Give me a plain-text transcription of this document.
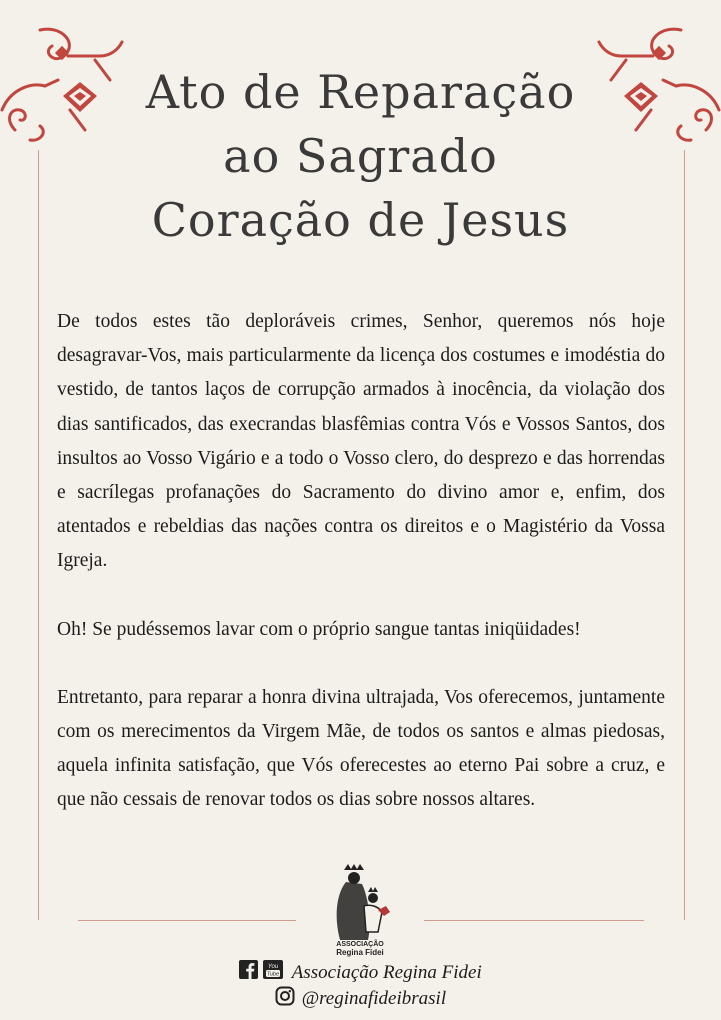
Ato de Reparação
ao Sagrado
Coração de Jesus

De todos estes tão deploráveis crimes, Senhor, queremos nós hoje desagravar-Vos, mais particularmente da licença dos costumes e imodéstia do vestido, de tantos laços de corrupção armados à inocência, da violação dos dias santificados, das execrandas blasfêmias contra Vós e Vossos Santos, dos insultos ao Vosso Vigário e a todo o Vosso clero, do desprezo e das horrendas e sacrílegas profanações do Sacramento do divino amor e, enfim, dos atentados e rebeldias das nações contra os direitos e o Magistério da Vossa Igreja.

Oh! Se pudéssemos lavar com o próprio sangue tantas iniqüidades!

Entretanto, para reparar a honra divina ultrajada, Vos oferecemos, juntamente com os merecimentos da Virgem Mãe, de todos os santos e almas piedosas, aquela infinita satisfação, que Vós oferecestes ao eterno Pai sobre a cruz, e que não cessais de renovar todos os dias sobre nossos altares.

ASSOCIAÇÃO
Regina Fidei

You
Tube Associação Regina Fidei
@reginafideibrasil
